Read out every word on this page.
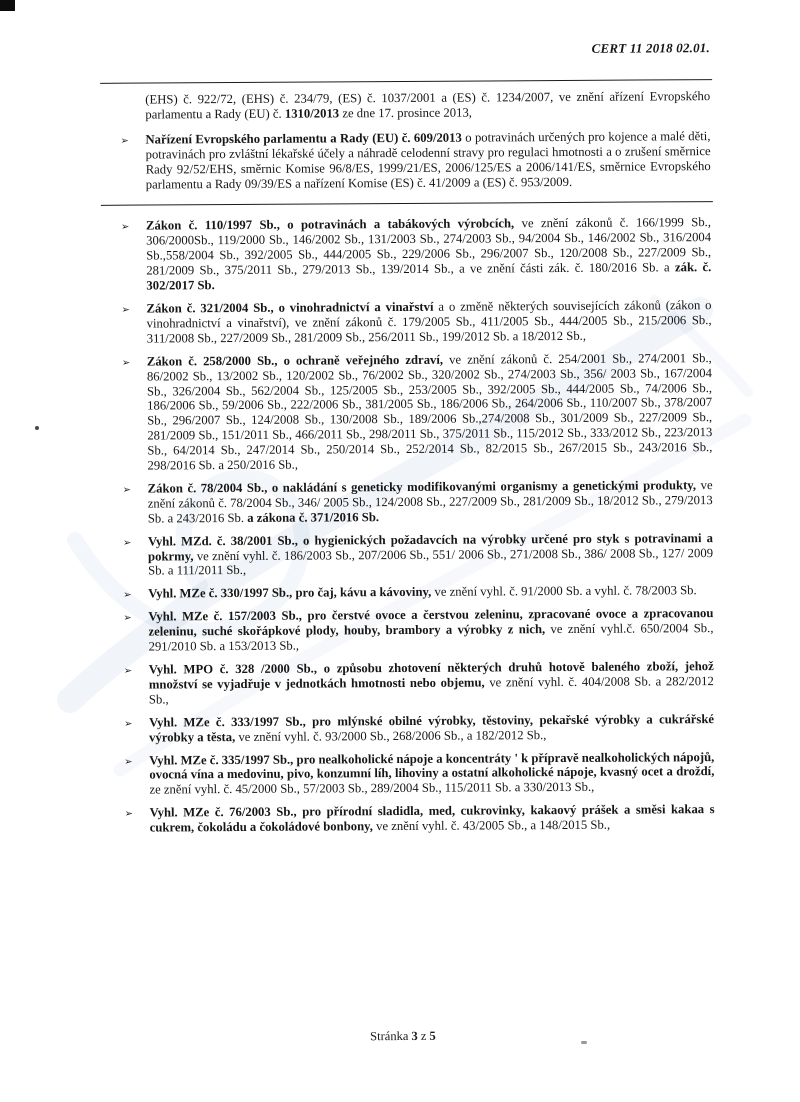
CERT 11 2018 02.01.

(EHS) č. 922/72, (EHS) č. 234/79, (ES) č. 1037/2001 a (ES) č. 1234/2007, ve znění ařízení Evropského parlamentu a Rady (EU) č. 1310/2013 ze dne 17. prosince 2013,

➢ Nařízení Evropského parlamentu a Rady (EU) č. 609/2013 o potravinách určených pro kojence a malé děti, potravinách pro zvláštní lékařské účely a náhradě celodenní stravy pro regulaci hmotnosti a o zrušení směrnice Rady 92/52/EHS, směrnic Komise 96/8/ES, 1999/21/ES, 2006/125/ES a 2006/141/ES, směrnice Evropského parlamentu a Rady 09/39/ES a nařízení Komise (ES) č. 41/2009 a (ES) č. 953/2009.
➢ Zákon č. 110/1997 Sb., o potravinách a tabákových výrobcích, ve znění zákonů č. 166/1999 Sb., 306/2000Sb., 119/2000 Sb., 146/2002 Sb., 131/2003 Sb., 274/2003 Sb., 94/2004 Sb., 146/2002 Sb., 316/2004 Sb.,558/2004 Sb., 392/2005 Sb., 444/2005 Sb., 229/2006 Sb., 296/2007 Sb., 120/2008 Sb., 227/2009 Sb., 281/2009 Sb., 375/2011 Sb., 279/2013 Sb., 139/2014 Sb., a ve znění části zák. č. 180/2016 Sb. a zák. č. 302/2017 Sb.
➢ Zákon č. 321/2004 Sb., o vinohradnictví a vinařství a o změně některých souvisejících zákonů (zákon o vinohradnictví a vinařství), ve znění zákonů č. 179/2005 Sb., 411/2005 Sb., 444/2005 Sb., 215/2006 Sb., 311/2008 Sb., 227/2009 Sb., 281/2009 Sb., 256/2011 Sb., 199/2012 Sb. a 18/2012 Sb.,
➢ Zákon č. 258/2000 Sb., o ochraně veřejného zdraví, ve znění zákonů č. 254/2001 Sb., 274/2001 Sb., 86/2002 Sb., 13/2002 Sb., 120/2002 Sb., 76/2002 Sb., 320/2002 Sb., 274/2003 Sb., 356/ 2003 Sb., 167/2004 Sb., 326/2004 Sb., 562/2004 Sb., 125/2005 Sb., 253/2005 Sb., 392/2005 Sb., 444/2005 Sb., 74/2006 Sb., 186/2006 Sb., 59/2006 Sb., 222/2006 Sb., 381/2005 Sb., 186/2006 Sb., 264/2006 Sb., 110/2007 Sb., 378/2007 Sb., 296/2007 Sb., 124/2008 Sb., 130/2008 Sb., 189/2006 Sb.,274/2008 Sb., 301/2009 Sb., 227/2009 Sb., 281/2009 Sb., 151/2011 Sb., 466/2011 Sb., 298/2011 Sb., 375/2011 Sb., 115/2012 Sb., 333/2012 Sb., 223/2013 Sb., 64/2014 Sb., 247/2014 Sb., 250/2014 Sb., 252/2014 Sb., 82/2015 Sb., 267/2015 Sb., 243/2016 Sb., 298/2016 Sb. a 250/2016 Sb.,
➢ Zákon č. 78/2004 Sb., o nakládání s geneticky modifikovanými organismy a genetickými produkty, ve znění zákonů č. 78/2004 Sb., 346/ 2005 Sb., 124/2008 Sb., 227/2009 Sb., 281/2009 Sb., 18/2012 Sb., 279/2013 Sb. a 243/2016 Sb. a zákona č. 371/2016 Sb.
➢ Vyhl. MZd. č. 38/2001 Sb., o hygienických požadavcích na výrobky určené pro styk s potravinami a pokrmy, ve znění vyhl. č. 186/2003 Sb., 207/2006 Sb., 551/ 2006 Sb., 271/2008 Sb., 386/ 2008 Sb., 127/ 2009 Sb. a 111/2011 Sb.,
➢ Vyhl. MZe č. 330/1997 Sb., pro čaj, kávu a kávoviny, ve znění vyhl. č. 91/2000 Sb. a vyhl. č. 78/2003 Sb.
➢ Vyhl. MZe č. 157/2003 Sb., pro čerstvé ovoce a čerstvou zeleninu, zpracované ovoce a zpracovanou zeleninu, suché skořápkové plody, houby, brambory a výrobky z nich, ve znění vyhl.č. 650/2004 Sb., 291/2010 Sb. a 153/2013 Sb.,
➢ Vyhl. MPO č. 328 /2000 Sb., o způsobu zhotovení některých druhů hotově baleného zboží, jehož množství se vyjadřuje v jednotkách hmotnosti nebo objemu, ve znění vyhl. č. 404/2008 Sb. a 282/2012 Sb.,
➢ Vyhl. MZe č. 333/1997 Sb., pro mlýnské obilné výrobky, těstoviny, pekařské výrobky a cukrářské výrobky a těsta, ve znění vyhl. č. 93/2000 Sb., 268/2006 Sb., a 182/2012 Sb.,
➢ Vyhl. MZe č. 335/1997 Sb., pro nealkoholické nápoje a koncentráty ' k přípravě nealkoholických nápojů, ovocná vína a medovinu, pivo, konzumní líh, lihoviny a ostatní alkoholické nápoje, kvasný ocet a droždí, ze znění vyhl. č. 45/2000 Sb., 57/2003 Sb., 289/2004 Sb., 115/2011 Sb. a 330/2013 Sb.,
➢ Vyhl. MZe č. 76/2003 Sb., pro přírodní sladidla, med, cukrovinky, kakaový prášek a směsi kakaa s cukrem, čokoládu a čokoládové bonbony, ve znění vyhl. č. 43/2005 Sb., a 148/2015 Sb.,
Stránka 3 z 5
